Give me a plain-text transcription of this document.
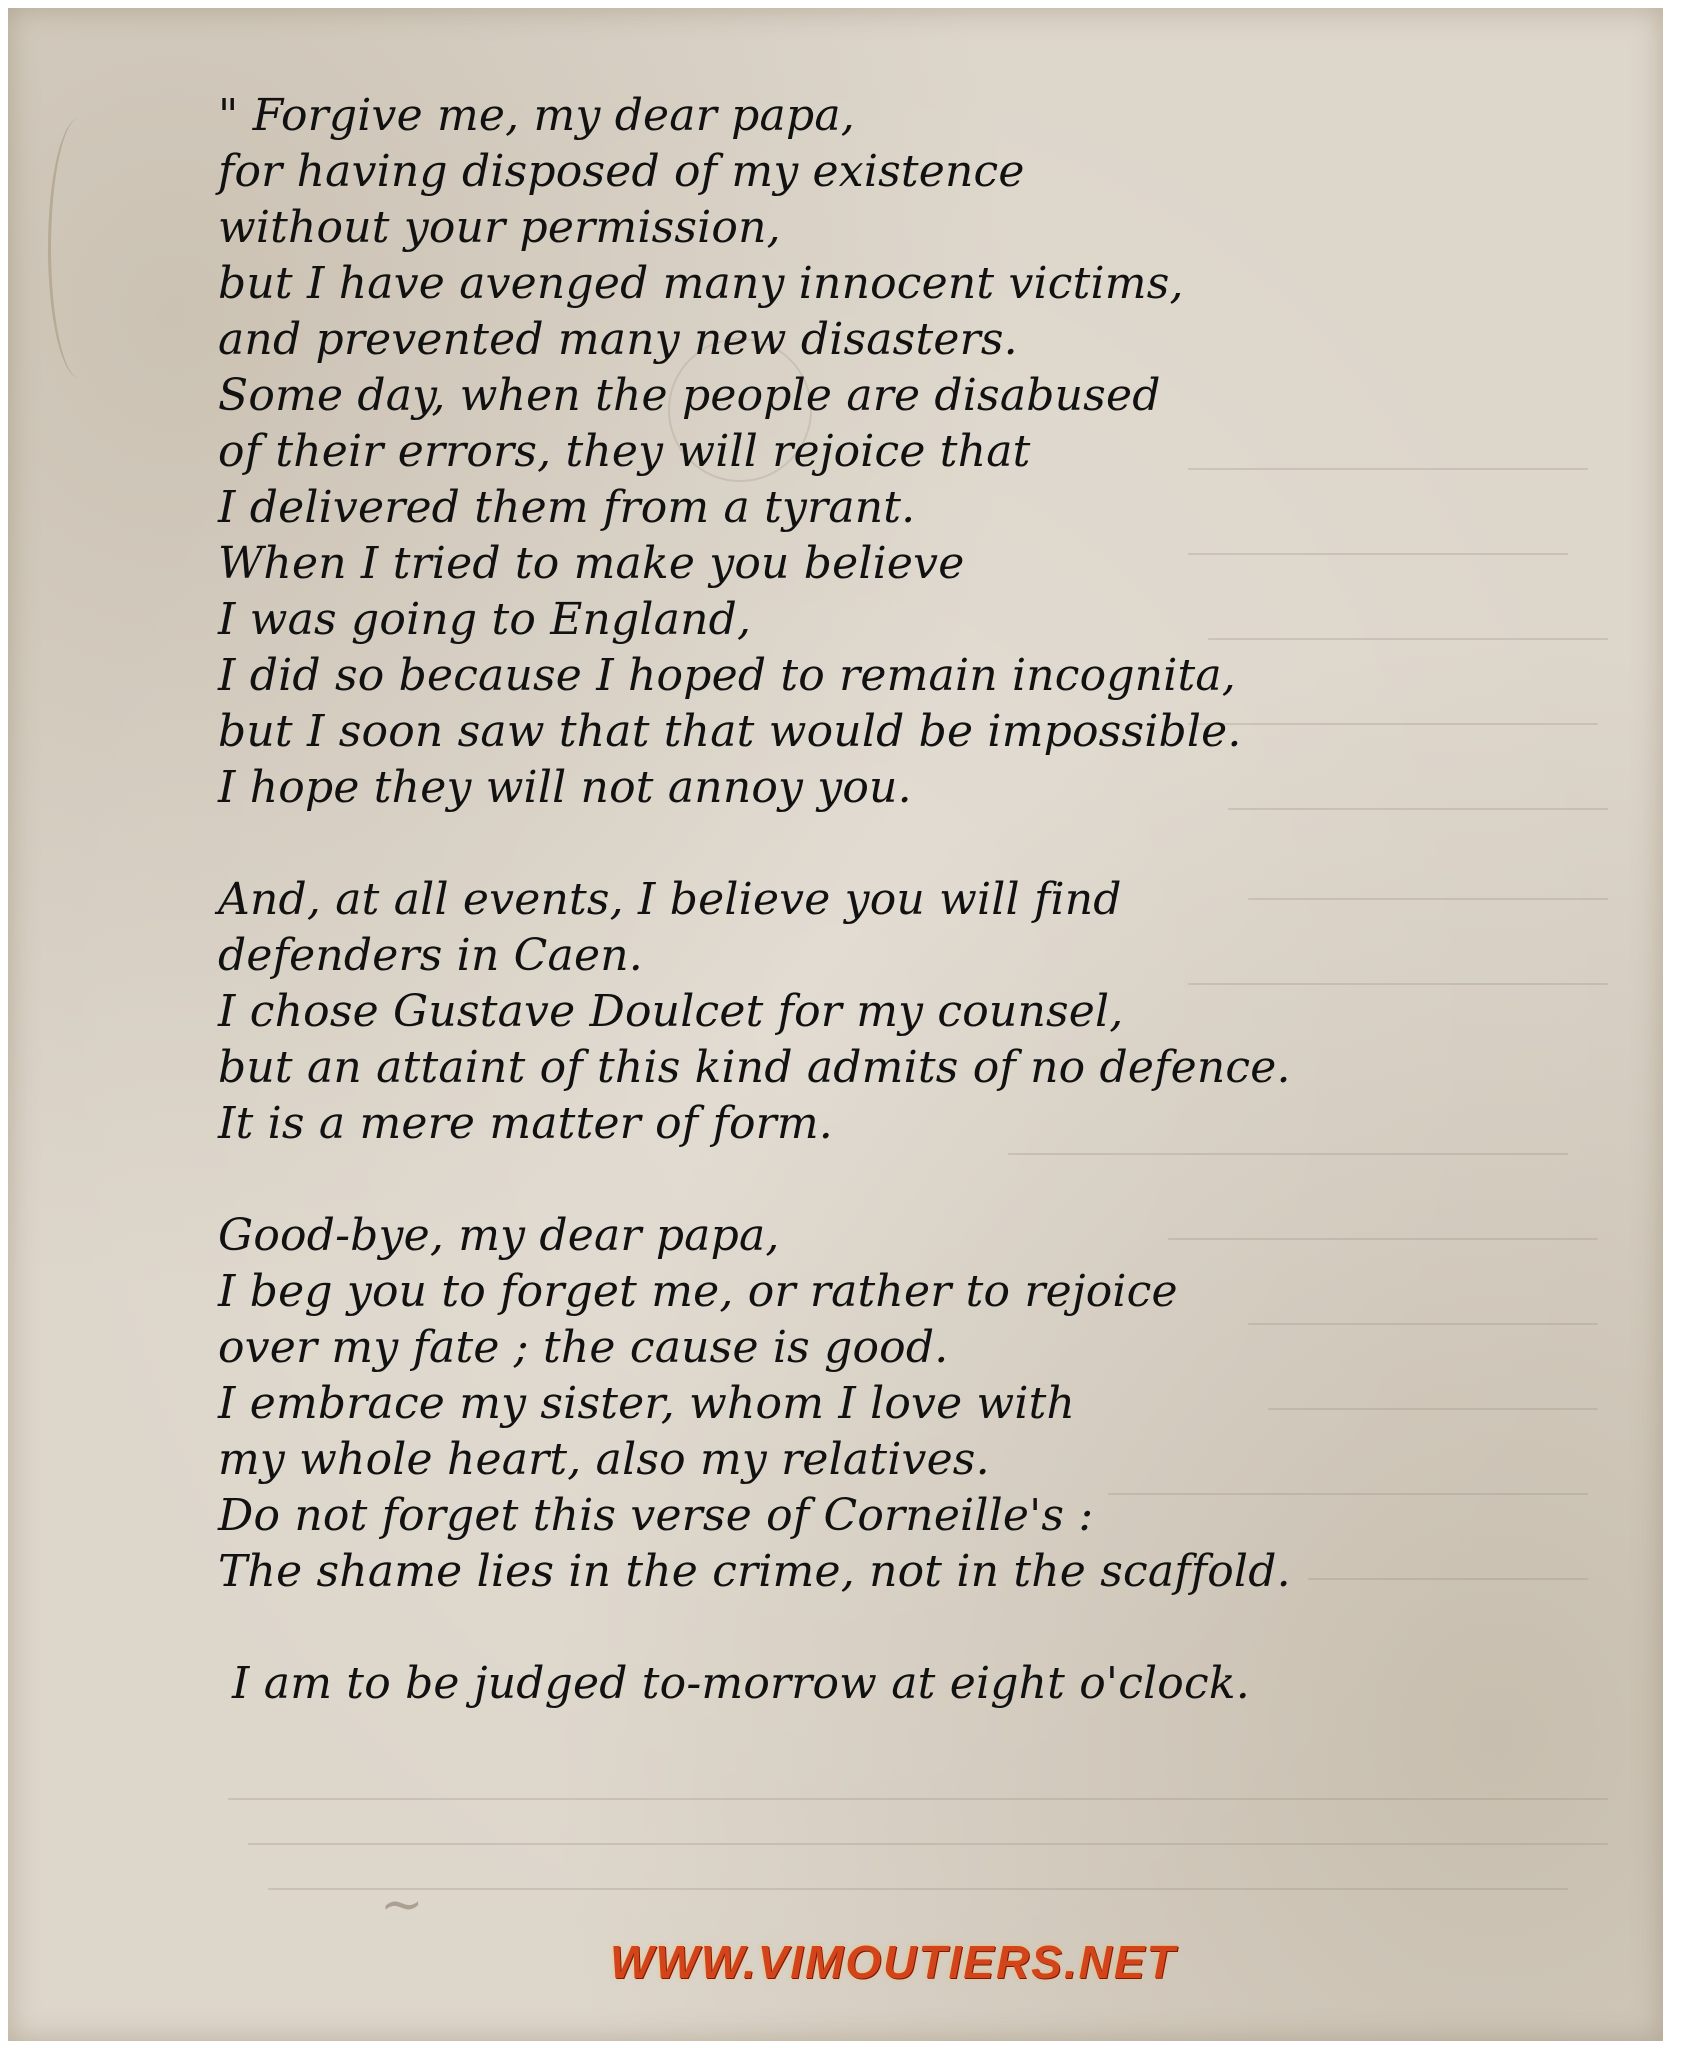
" Forgive me, my dear papa,
for having disposed of my existence
without your permission,
but I have avenged many innocent victims,
and prevented many new disasters.
Some day, when the people are disabused
of their errors, they will rejoice that
I delivered them from a tyrant.
When I tried to make you believe
I was going to England,
I did so because I hoped to remain incognita,
but I soon saw that that would be impossible.
I hope they will not annoy you.
And, at all events, I believe you will find
defenders in Caen.
I chose Gustave Doulcet for my counsel,
but an attaint of this kind admits of no defence.
It is a mere matter of form.
Good-bye, my dear papa,
I beg you to forget me, or rather to rejoice
over my fate ; the cause is good.
I embrace my sister, whom I love with
my whole heart, also my relatives.
Do not forget this verse of Corneille's :
The shame lies in the crime, not in the scaffold.
I am to be judged to-morrow at eight o'clock.
~
WWW.VIMOUTIERS.NET
